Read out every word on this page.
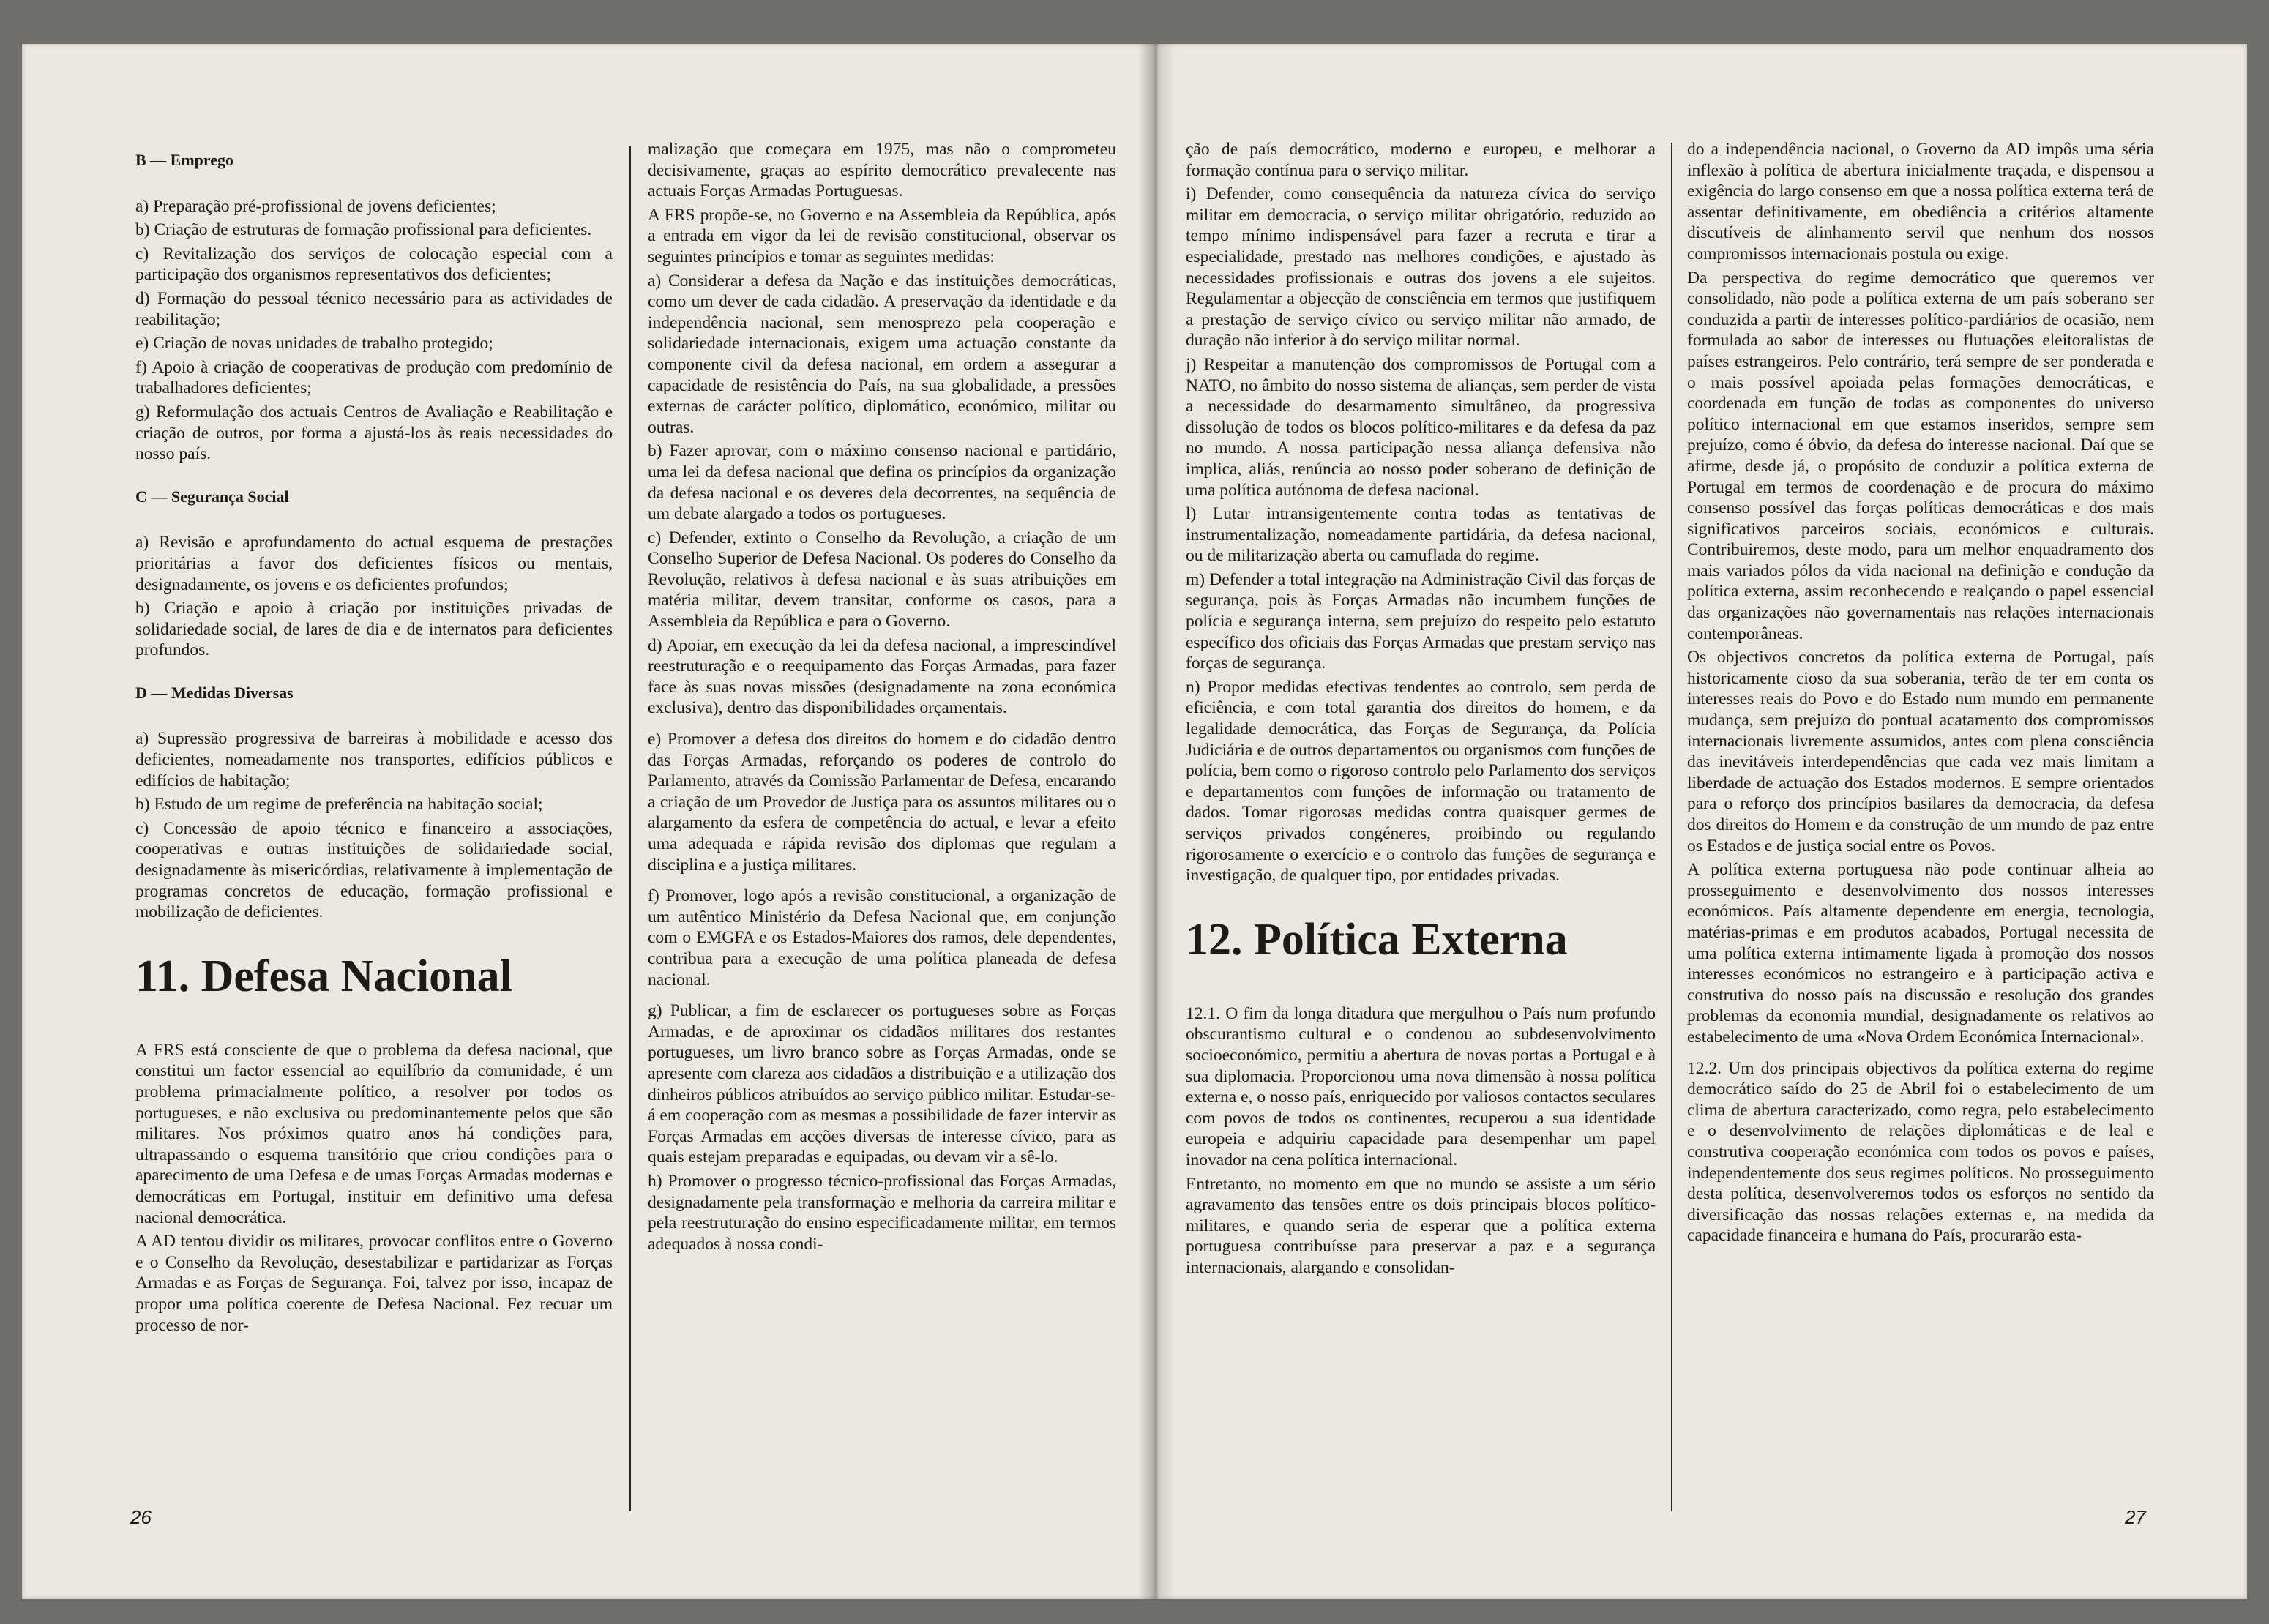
B — Emprego

a) Preparação pré-profissional de jovens deficientes;

b) Criação de estruturas de formação profissional para deficientes.

c) Revitalização dos serviços de colocação especial com a participação dos organismos representativos dos deficientes;

d) Formação do pessoal técnico necessário para as actividades de reabilitação;

e) Criação de novas unidades de trabalho protegido;

f) Apoio à criação de cooperativas de produção com predomínio de trabalhadores deficientes;

g) Reformulação dos actuais Centros de Avaliação e Reabilitação e criação de outros, por forma a ajustá-los às reais necessidades do nosso país.

C — Segurança Social

a) Revisão e aprofundamento do actual esquema de prestações prioritárias a favor dos deficientes físicos ou mentais, designadamente, os jovens e os deficientes profundos;

b) Criação e apoio à criação por instituições privadas de solidariedade social, de lares de dia e de internatos para deficientes profundos.

D — Medidas Diversas

a) Supressão progressiva de barreiras à mobilidade e acesso dos deficientes, nomeadamente nos transportes, edifícios públicos e edifícios de habitação;

b) Estudo de um regime de preferência na habitação social;

c) Concessão de apoio técnico e financeiro a associações, cooperativas e outras instituições de solidariedade social, designadamente às misericórdias, relativamente à implementação de programas concretos de educação, formação profissional e mobilização de deficientes.

11. Defesa Nacional

A FRS está consciente de que o problema da defesa nacional, que constitui um factor essencial ao equilíbrio da comunidade, é um problema primacialmente político, a resolver por todos os portugueses, e não exclusiva ou predominantemente pelos que são militares. Nos próximos quatro anos há condições para, ultrapassando o esquema transitório que criou condições para o aparecimento de uma Defesa e de umas Forças Armadas modernas e democráticas em Portugal, instituir em definitivo uma defesa nacional democrática.

A AD tentou dividir os militares, provocar conflitos entre o Governo e o Conselho da Revolução, desestabilizar e partidarizar as Forças Armadas e as Forças de Segurança. Foi, talvez por isso, incapaz de propor uma política coerente de Defesa Nacional. Fez recuar um processo de nor-

malização que começara em 1975, mas não o comprometeu decisivamente, graças ao espírito democrático prevalecente nas actuais Forças Armadas Portuguesas.

A FRS propõe-se, no Governo e na Assembleia da República, após a entrada em vigor da lei de revisão constitucional, observar os seguintes princípios e tomar as seguintes medidas:

a) Considerar a defesa da Nação e das instituições democráticas, como um dever de cada cidadão. A preservação da identidade e da independência nacional, sem menosprezo pela cooperação e solidariedade internacionais, exigem uma actuação constante da componente civil da defesa nacional, em ordem a assegurar a capacidade de resistência do País, na sua globalidade, a pressões externas de carácter político, diplomático, económico, militar ou outras.

b) Fazer aprovar, com o máximo consenso nacional e partidário, uma lei da defesa nacional que defina os princípios da organização da defesa nacional e os deveres dela decorrentes, na sequência de um debate alargado a todos os portugueses.

c) Defender, extinto o Conselho da Revolução, a criação de um Conselho Superior de Defesa Nacional. Os poderes do Conselho da Revolução, relativos à defesa nacional e às suas atribuições em matéria militar, devem transitar, conforme os casos, para a Assembleia da República e para o Governo.

d) Apoiar, em execução da lei da defesa nacional, a imprescindível reestruturação e o reequipamento das Forças Armadas, para fazer face às suas novas missões (designadamente na zona económica exclusiva), dentro das disponibilidades orçamentais.

e) Promover a defesa dos direitos do homem e do cidadão dentro das Forças Armadas, reforçando os poderes de controlo do Parlamento, através da Comissão Parlamentar de Defesa, encarando a criação de um Provedor de Justiça para os assuntos militares ou o alargamento da esfera de competência do actual, e levar a efeito uma adequada e rápida revisão dos diplomas que regulam a disciplina e a justiça militares.

f) Promover, logo após a revisão constitucional, a organização de um autêntico Ministério da Defesa Nacional que, em conjunção com o EMGFA e os Estados-Maiores dos ramos, dele dependentes, contribua para a execução de uma política planeada de defesa nacional.

g) Publicar, a fim de esclarecer os portugueses sobre as Forças Armadas, e de aproximar os cidadãos militares dos restantes portugueses, um livro branco sobre as Forças Armadas, onde se apresente com clareza aos cidadãos a distribuição e a utilização dos dinheiros públicos atribuídos ao serviço público militar. Estudar-se-á em cooperação com as mesmas a possibilidade de fazer intervir as Forças Armadas em acções diversas de interesse cívico, para as quais estejam preparadas e equipadas, ou devam vir a sê-lo.

h) Promover o progresso técnico-profissional das Forças Armadas, designadamente pela transformação e melhoria da carreira militar e pela reestruturação do ensino especificadamente militar, em termos adequados à nossa condi-

26

ção de país democrático, moderno e europeu, e melhorar a formação contínua para o serviço militar.

i) Defender, como consequência da natureza cívica do serviço militar em democracia, o serviço militar obrigatório, reduzido ao tempo mínimo indispensável para fazer a recruta e tirar a especialidade, prestado nas melhores condições, e ajustado às necessidades profissionais e outras dos jovens a ele sujeitos. Regulamentar a objecção de consciência em termos que justifiquem a prestação de serviço cívico ou serviço militar não armado, de duração não inferior à do serviço militar normal.

j) Respeitar a manutenção dos compromissos de Portugal com a NATO, no âmbito do nosso sistema de alianças, sem perder de vista a necessidade do desarmamento simultâneo, da progressiva dissolução de todos os blocos político-militares e da defesa da paz no mundo. A nossa participação nessa aliança defensiva não implica, aliás, renúncia ao nosso poder soberano de definição de uma política autónoma de defesa nacional.

l) Lutar intransigentemente contra todas as tentativas de instrumentalização, nomeadamente partidária, da defesa nacional, ou de militarização aberta ou camuflada do regime.

m) Defender a total integração na Administração Civil das forças de segurança, pois às Forças Armadas não incumbem funções de polícia e segurança interna, sem prejuízo do respeito pelo estatuto específico dos oficiais das Forças Armadas que prestam serviço nas forças de segurança.

n) Propor medidas efectivas tendentes ao controlo, sem perda de eficiência, e com total garantia dos direitos do homem, e da legalidade democrática, das Forças de Segurança, da Polícia Judiciária e de outros departamentos ou organismos com funções de polícia, bem como o rigoroso controlo pelo Parlamento dos serviços e departamentos com funções de informação ou tratamento de dados. Tomar rigorosas medidas contra quaisquer germes de serviços privados congéneres, proibindo ou regulando rigorosamente o exercício e o controlo das funções de segurança e investigação, de qualquer tipo, por entidades privadas.

12. Política Externa

12.1. O fim da longa ditadura que mergulhou o País num profundo obscurantismo cultural e o condenou ao subdesenvolvimento socioeconómico, permitiu a abertura de novas portas a Portugal e à sua diplomacia. Proporcionou uma nova dimensão à nossa política externa e, o nosso país, enriquecido por valiosos contactos seculares com povos de todos os continentes, recuperou a sua identidade europeia e adquiriu capacidade para desempenhar um papel inovador na cena política internacional.

Entretanto, no momento em que no mundo se assiste a um sério agravamento das tensões entre os dois principais blocos político-militares, e quando seria de esperar que a política externa portuguesa contribuísse para preservar a paz e a segurança internacionais, alargando e consolidan-

do a independência nacional, o Governo da AD impôs uma séria inflexão à política de abertura inicialmente traçada, e dispensou a exigência do largo consenso em que a nossa política externa terá de assentar definitivamente, em obediência a critérios altamente discutíveis de alinhamento servil que nenhum dos nossos compromissos internacionais postula ou exige.

Da perspectiva do regime democrático que queremos ver consolidado, não pode a política externa de um país soberano ser conduzida a partir de interesses político-pardiários de ocasião, nem formulada ao sabor de interesses ou flutuações eleitoralistas de países estrangeiros. Pelo contrário, terá sempre de ser ponderada e o mais possível apoiada pelas formações democráticas, e coordenada em função de todas as componentes do universo político internacional em que estamos inseridos, sempre sem prejuízo, como é óbvio, da defesa do interesse nacional. Daí que se afirme, desde já, o propósito de conduzir a política externa de Portugal em termos de coordenação e de procura do máximo consenso possível das forças políticas democráticas e dos mais significativos parceiros sociais, económicos e culturais. Contribuiremos, deste modo, para um melhor enquadramento dos mais variados pólos da vida nacional na definição e condução da política externa, assim reconhecendo e realçando o papel essencial das organizações não governamentais nas relações internacionais contemporâneas.

Os objectivos concretos da política externa de Portugal, país historicamente cioso da sua soberania, terão de ter em conta os interesses reais do Povo e do Estado num mundo em permanente mudança, sem prejuízo do pontual acatamento dos compromissos internacionais livremente assumidos, antes com plena consciência das inevitáveis interdependências que cada vez mais limitam a liberdade de actuação dos Estados modernos. E sempre orientados para o reforço dos princípios basilares da democracia, da defesa dos direitos do Homem e da construção de um mundo de paz entre os Estados e de justiça social entre os Povos.

A política externa portuguesa não pode continuar alheia ao prosseguimento e desenvolvimento dos nossos interesses económicos. País altamente dependente em energia, tecnologia, matérias-primas e em produtos acabados, Portugal necessita de uma política externa intimamente ligada à promoção dos nossos interesses económicos no estrangeiro e à participação activa e construtiva do nosso país na discussão e resolução dos grandes problemas da economia mundial, designadamente os relativos ao estabelecimento de uma «Nova Ordem Económica Internacional».

12.2. Um dos principais objectivos da política externa do regime democrático saído do 25 de Abril foi o estabelecimento de um clima de abertura caracterizado, como regra, pelo estabelecimento e o desenvolvimento de relações diplomáticas e de leal e construtiva cooperação económica com todos os povos e países, independentemente dos seus regimes políticos. No prosseguimento desta política, desenvolveremos todos os esforços no sentido da diversificação das nossas relações externas e, na medida da capacidade financeira e humana do País, procurarão esta-

27
